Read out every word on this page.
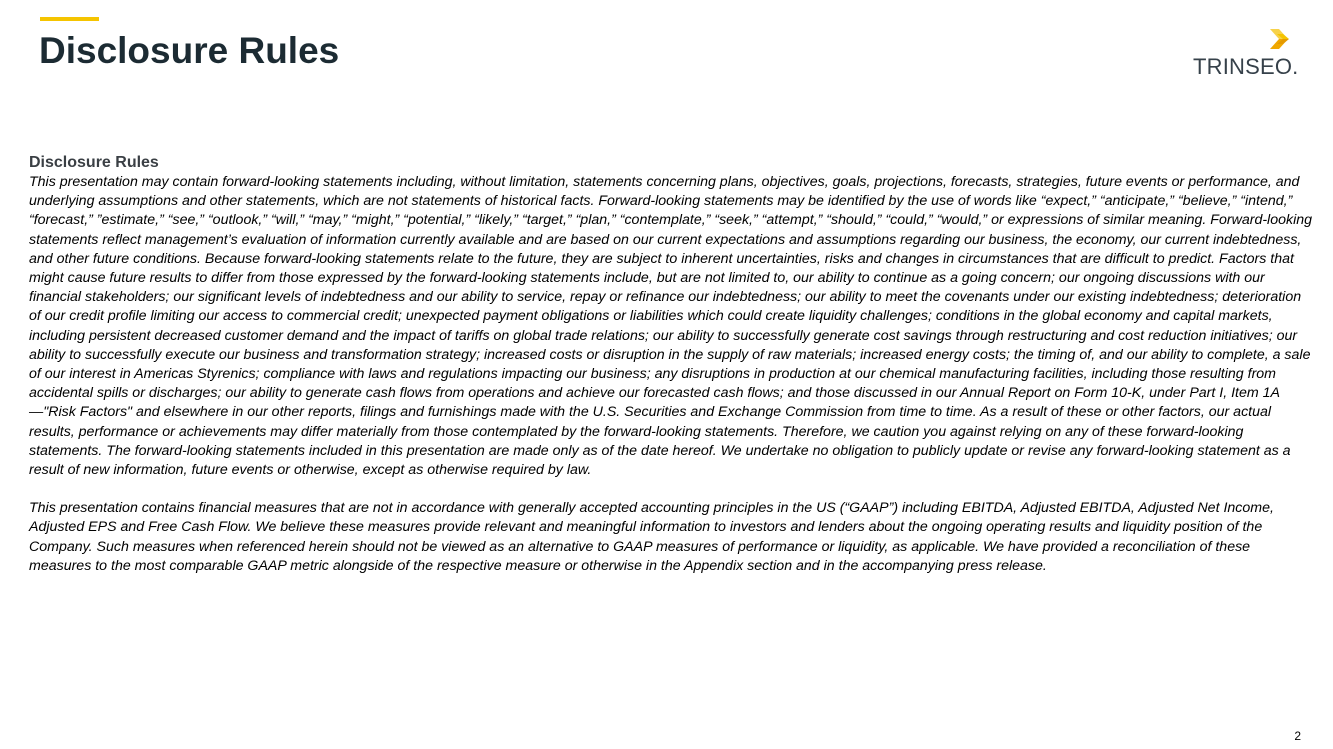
Disclosure Rules	TRINSEO.
Disclosure Rules

This presentation may contain forward-looking statements including, without limitation, statements concerning plans, objectives, goals, projections, forecasts, strategies, future events or performance, and underlying assumptions and other statements, which are not statements of historical facts. Forward-looking statements may be identified by the use of words like “expect,” “anticipate,” “believe,” “intend,” “forecast,” ”estimate,” “see,” “outlook,” “will,” “may,” “might,” “potential,” “likely,” “target,” “plan,” “contemplate,” “seek,” “attempt,” “should,” “could,” “would,” or expressions of similar meaning. Forward-looking statements reflect management’s evaluation of information currently available and are based on our current expectations and assumptions regarding our business, the economy, our current indebtedness, and other future conditions. Because forward-looking statements relate to the future, they are subject to inherent uncertainties, risks and changes in circumstances that are difficult to predict. Factors that might cause future results to differ from those expressed by the forward-looking statements include, but are not limited to, our ability to continue as a going concern; our ongoing discussions with our financial stakeholders; our significant levels of indebtedness and our ability to service, repay or refinance our indebtedness; our ability to meet the covenants under our existing indebtedness; deterioration of our credit profile limiting our access to commercial credit; unexpected payment obligations or liabilities which could create liquidity challenges; conditions in the global economy and capital markets, including persistent decreased customer demand and the impact of tariffs on global trade relations; our ability to successfully generate cost savings through restructuring and cost reduction initiatives; our ability to successfully execute our business and transformation strategy; increased costs or disruption in the supply of raw materials; increased energy costs; the timing of, and our ability to complete, a sale of our interest in Americas Styrenics; compliance with laws and regulations impacting our business; any disruptions in production at our chemical manufacturing facilities, including those resulting from accidental spills or discharges; our ability to generate cash flows from operations and achieve our forecasted cash flows; and those discussed in our Annual Report on Form 10-K, under Part I, Item 1A —"Risk Factors" and elsewhere in our other reports, filings and furnishings made with the U.S. Securities and Exchange Commission from time to time. As a result of these or other factors, our actual results, performance or achievements may differ materially from those contemplated by the forward-looking statements. Therefore, we caution you against relying on any of these forward-looking statements. The forward-looking statements included in this presentation are made only as of the date hereof. We undertake no obligation to publicly update or revise any forward-looking statement as a result of new information, future events or otherwise, except as otherwise required by law.

This presentation contains financial measures that are not in accordance with generally accepted accounting principles in the US (“GAAP”) including EBITDA, Adjusted EBITDA, Adjusted Net Income, Adjusted EPS and Free Cash Flow. We believe these measures provide relevant and meaningful information to investors and lenders about the ongoing operating results and liquidity position of the Company. Such measures when referenced herein should not be viewed as an alternative to GAAP measures of performance or liquidity, as applicable. We have provided a reconciliation of these measures to the most comparable GAAP metric alongside of the respective measure or otherwise in the Appendix section and in the accompanying press release.

2
